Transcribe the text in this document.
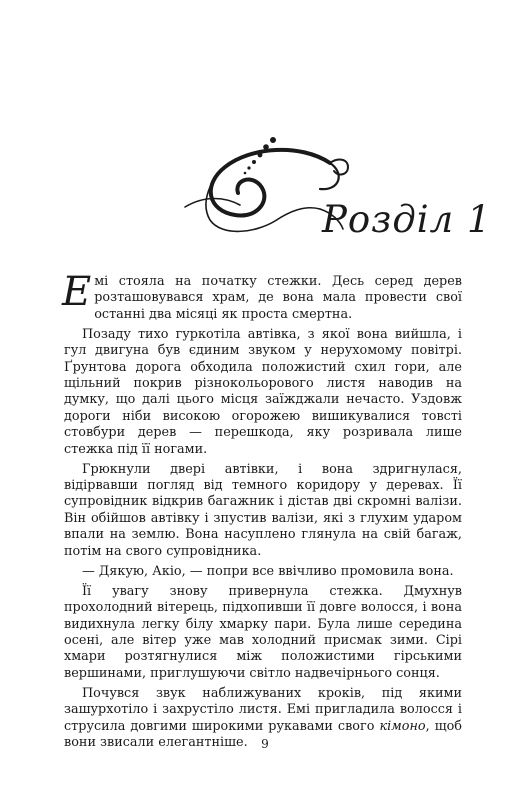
Розділ 1

Емі стояла на початку стежки. Десь серед дерев розташовувався храм, де вона мала провести свої останні два місяці як проста смертна.

Позаду тихо гуркотіла автівка, з якої вона вийшла, і гул двигуна був єдиним звуком у нерухомому повітрі. Ґрунтова дорога обходила положистий схил гори, але щільний покрив різнокольорового листя наводив на думку, що далі цього місця заїжджали нечасто. Уздовж дороги ніби високою огорожею вишикувалися товсті стовбури дерев — перешкода, яку розривала лише стежка під її ногами.

Грюкнули двері автівки, і вона здригнулася, відірвавши погляд від темного коридору у деревах. Її супровідник відкрив багажник і дістав дві скромні валізи. Він обійшов автівку і зпустив валізи, які з глухим ударом впали на землю. Вона насуплено глянула на свій багаж, потім на свого супровідника.

— Дякую, Акіо, — попри все ввічливо промовила вона.

Її увагу знову привернула стежка. Дмухнув прохолодний вітерець, підхопивши її довге волосся, і вона видихнула легку білу хмарку пари. Була лише середина осені, але вітер уже мав холодний присмак зими. Сірі хмари розтягнулися між положистими гірськими вершинами, приглушуючи світло надвечірнього сонця.

Почувся звук наближуваних кроків, під якими зашурхотіло і захрустіло листя. Емі пригладила волосся і струсила довгими широкими рукавами свого кімоно, щоб вони звисали елегантніше.	9
